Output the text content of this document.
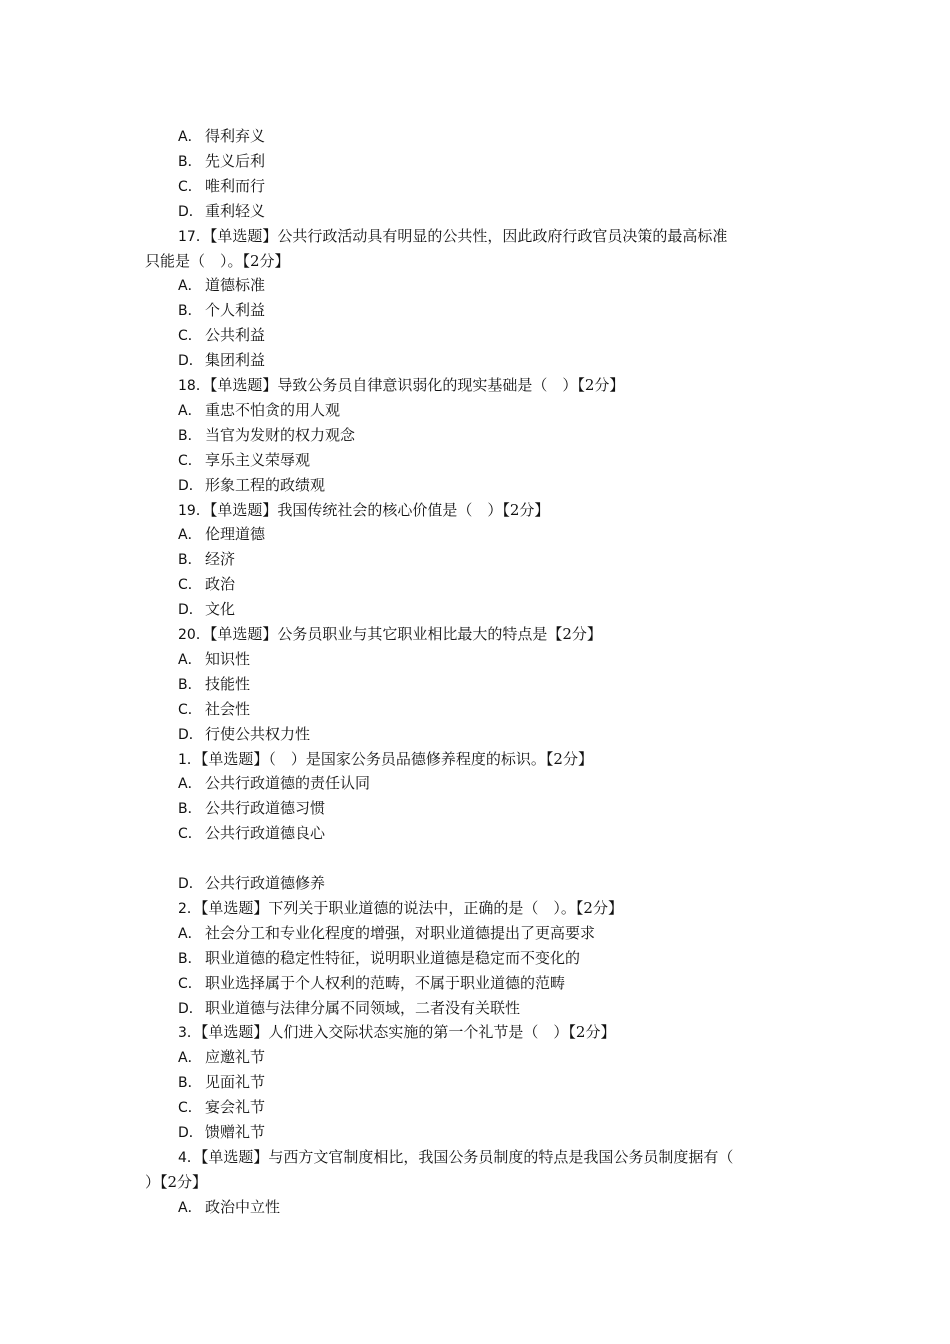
A． 得利弃义
B． 先义后利
C． 唯利而行
D． 重利轻义
17．【单选题】公共行政活动具有明显的公共性，因此政府行政官员决策的最高标准
只能是（　）。【2分】
A． 道德标准
B． 个人利益
C． 公共利益
D． 集团利益
18．【单选题】导致公务员自律意识弱化的现实基础是（　）【2分】
A． 重忠不怕贪的用人观
B． 当官为发财的权力观念
C． 享乐主义荣辱观
D． 形象工程的政绩观
19．【单选题】我国传统社会的核心价值是（　）【2分】
A． 伦理道德
B． 经济
C． 政治
D． 文化
20．【单选题】公务员职业与其它职业相比最大的特点是【2分】
A． 知识性
B． 技能性
C． 社会性
D． 行使公共权力性
1．【单选题】（　）是国家公务员品德修养程度的标识。【2分】
A． 公共行政道德的责任认同
B． 公共行政道德习惯
C． 公共行政道德良心
D． 公共行政道德修养
2．【单选题】下列关于职业道德的说法中，正确的是（　）。【2分】
A． 社会分工和专业化程度的增强，对职业道德提出了更高要求
B． 职业道德的稳定性特征，说明职业道德是稳定而不变化的
C． 职业选择属于个人权利的范畴，不属于职业道德的范畴
D． 职业道德与法律分属不同领域，二者没有关联性
3．【单选题】人们进入交际状态实施的第一个礼节是（　）【2分】
A． 应邀礼节
B． 见面礼节
C． 宴会礼节
D． 馈赠礼节
4．【单选题】与西方文官制度相比，我国公务员制度的特点是我国公务员制度据有（
）【2分】
A． 政治中立性
